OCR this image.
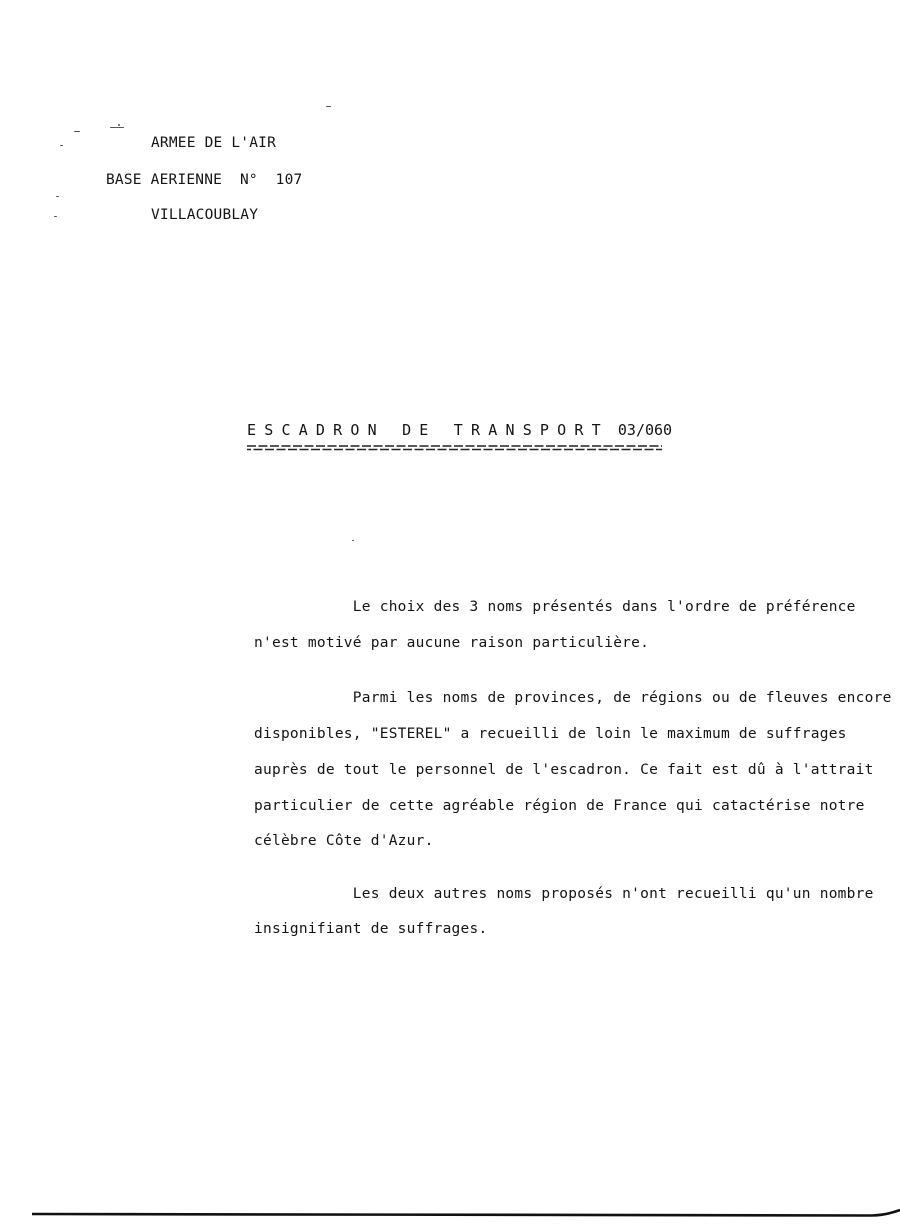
ARMEE DE L'AIR
BASE AERIENNE  N°  107
VILLACOUBLAY
ESCADRON DE TRANSPORT 03/060
Le choix des 3 noms présentés dans l'ordre de préférence
n'est motivé par aucune raison particulière.
Parmi les noms de provinces, de régions ou de fleuves encore
disponibles, "ESTEREL" a recueilli de loin le maximum de suffrages
auprès de tout le personnel de l'escadron. Ce fait est dû à l'attrait
particulier de cette agréable région de France qui catactérise notre
célèbre Côte d'Azur.
Les deux autres noms proposés n'ont recueilli qu'un nombre
insignifiant de suffrages.
